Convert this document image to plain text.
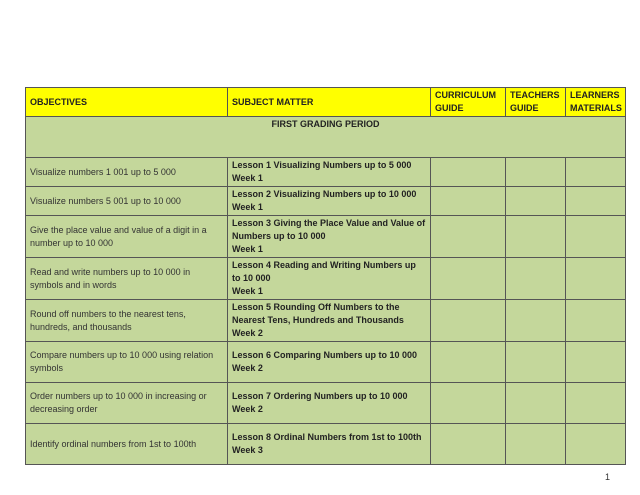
OBJECTIVES	SUBJECT MATTER	CURRICULUM GUIDE	TEACHERS GUIDE	LEARNERS MATERIALS
FIRST GRADING PERIOD				
Visualize numbers 1 001 up to 5 000	Lesson 1 Visualizing Numbers up to 5 000
Week 1			

Visualize numbers 5 001 up to 10 000	Lesson 2 Visualizing Numbers up to 10 000
Week 1			

Give the place value and value of a digit in a number up to 10 000	Lesson 3 Giving the Place Value and Value of Numbers up to 10 000
Week 1			

Read and write numbers up to 10 000 in symbols and in words	Lesson 4 Reading and Writing Numbers up to 10 000
Week 1			

Round off numbers to the nearest tens, hundreds, and thousands	Lesson 5 Rounding Off Numbers to the Nearest Tens, Hundreds and Thousands
Week 2			

Compare numbers up to 10 000 using relation symbols	Lesson 6 Comparing Numbers up to 10 000
Week 2			

Order numbers up to 10 000 in increasing or decreasing order	Lesson 7 Ordering Numbers up to 10 000
Week 2			

Identify ordinal numbers from 1st to 100th	Lesson 8 Ordinal Numbers from 1st to 100th
Week 3			

1
